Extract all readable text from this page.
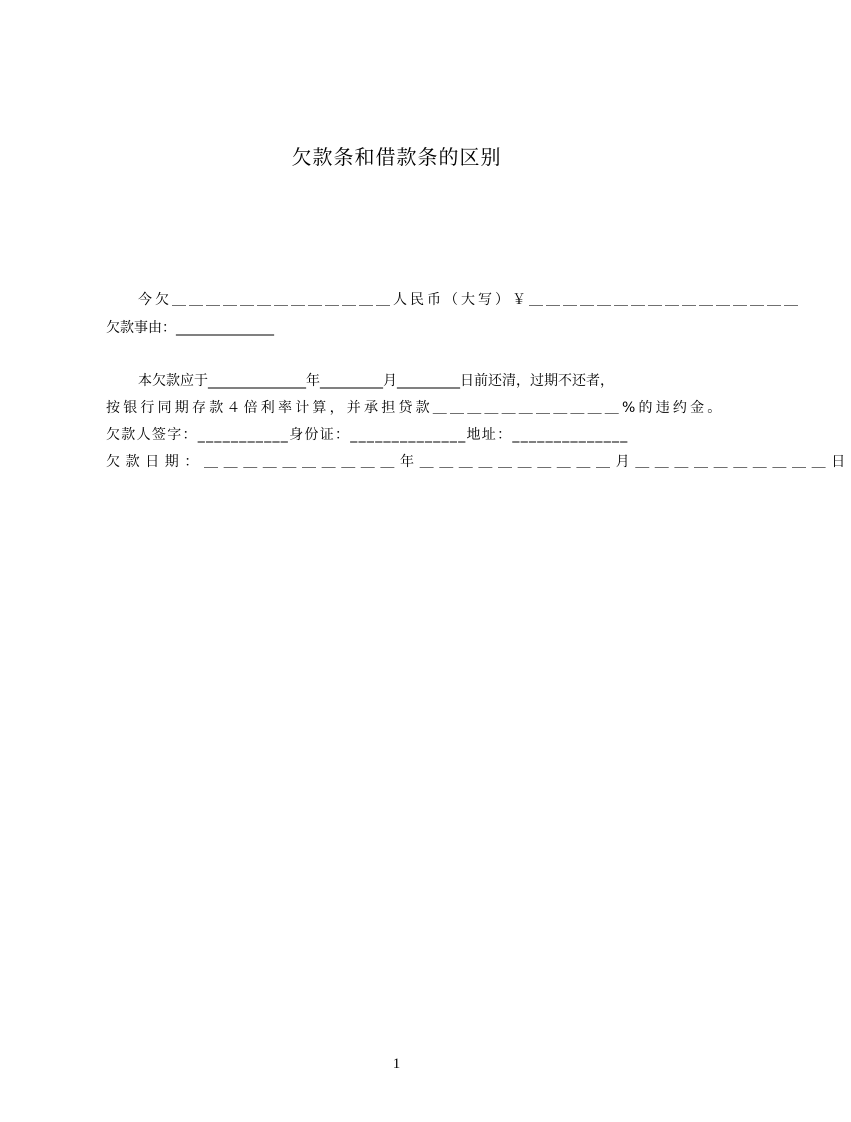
欠款条和借款条的区别
今欠＿＿＿＿＿＿＿＿＿＿＿＿＿人民币（大写）￥＿＿＿＿＿＿＿＿＿＿＿＿＿＿＿＿
欠款事由：______________
本欠款应于______________年_________月_________日前还清，过期不还者，
按银行同期存款４倍利率计算，并承担贷款＿＿＿＿＿＿＿＿＿＿＿%的违约金。
欠款人签字：___________身份证：______________地址：______________
欠款日期：＿＿＿＿＿＿＿＿＿＿年＿＿＿＿＿＿＿＿＿＿月＿＿＿＿＿＿＿＿＿＿日
1
